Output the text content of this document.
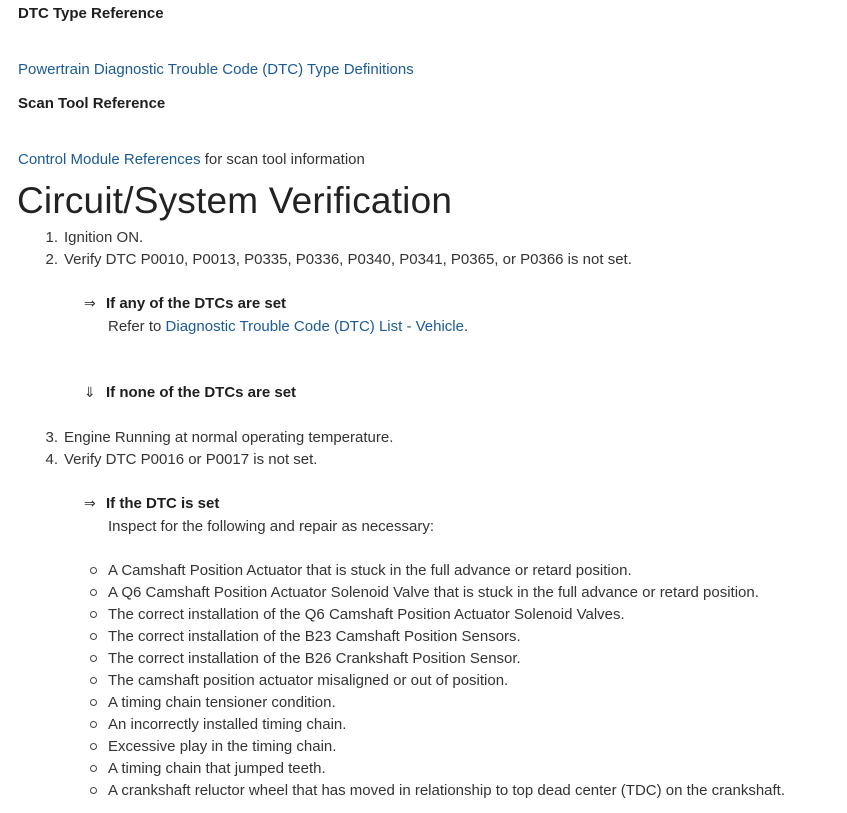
DTC Type Reference
Powertrain Diagnostic Trouble Code (DTC) Type Definitions
Scan Tool Reference
Control Module References for scan tool information
Circuit/System Verification
1. Ignition ON.
2. Verify DTC P0010, P0013, P0335, P0336, P0340, P0341, P0365, or P0366 is not set.
⇒ If any of the DTCs are set
Refer to Diagnostic Trouble Code (DTC) List - Vehicle.
⇓ If none of the DTCs are set
3. Engine Running at normal operating temperature.
4. Verify DTC P0016 or P0017 is not set.
⇒ If the DTC is set
Inspect for the following and repair as necessary:
A Camshaft Position Actuator that is stuck in the full advance or retard position.
A Q6 Camshaft Position Actuator Solenoid Valve that is stuck in the full advance or retard position.
The correct installation of the Q6 Camshaft Position Actuator Solenoid Valves.
The correct installation of the B23 Camshaft Position Sensors.
The correct installation of the B26 Crankshaft Position Sensor.
The camshaft position actuator misaligned or out of position.
A timing chain tensioner condition.
An incorrectly installed timing chain.
Excessive play in the timing chain.
A timing chain that jumped teeth.
A crankshaft reluctor wheel that has moved in relationship to top dead center (TDC) on the crankshaft.
